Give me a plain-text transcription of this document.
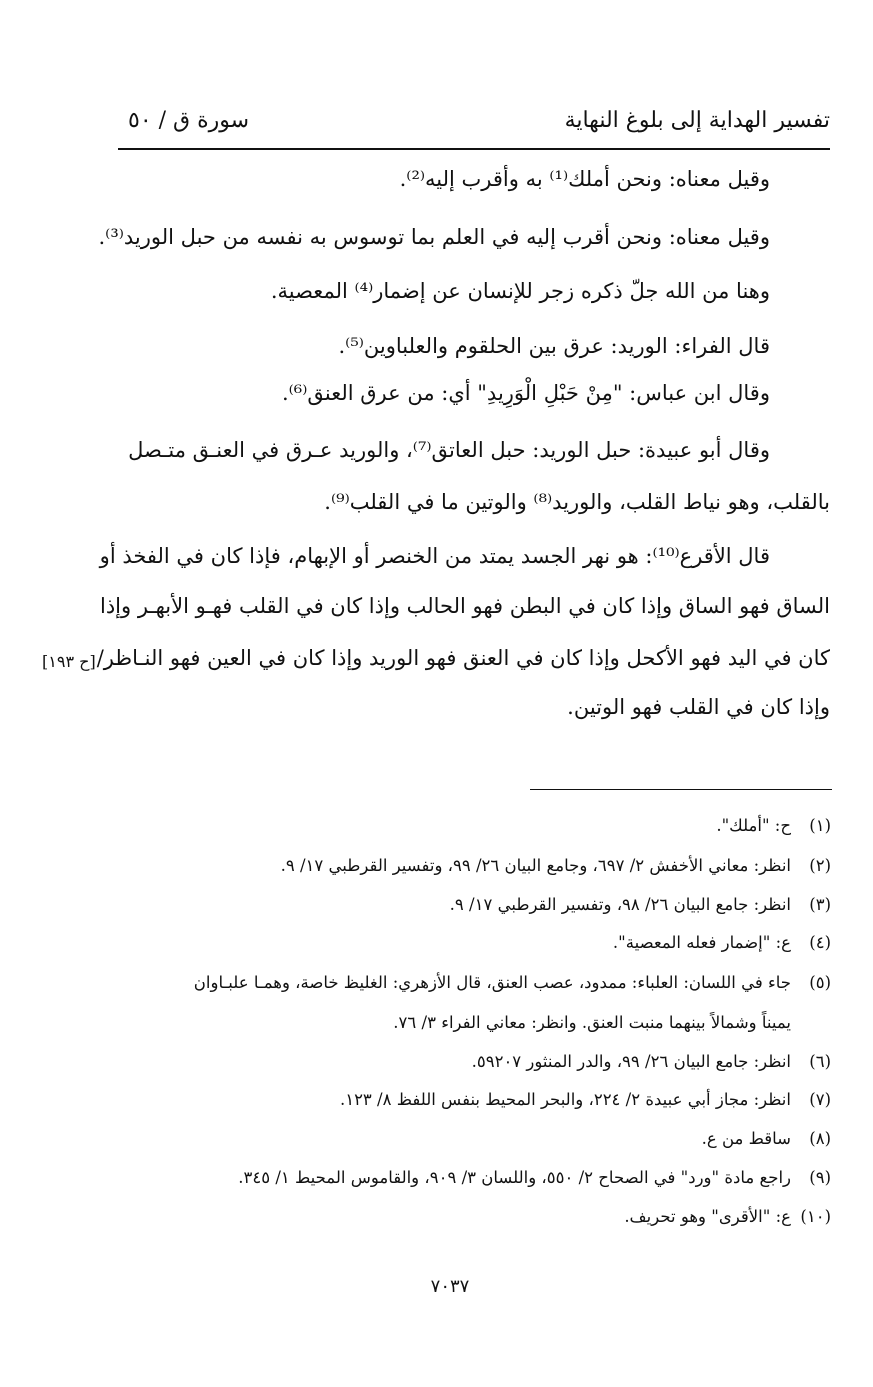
تفسير الهداية إلى بلوغ النهاية
سورة ق / ٥٠
وقيل معناه: ونحن أملك⁽¹⁾ به وأقرب إليه⁽²⁾.
وقيل معناه: ونحن أقرب إليه في العلم بما توسوس به نفسه من حبل الوريد⁽³⁾.
وهنا من الله جلّ ذكره زجر للإنسان عن إضمار⁽⁴⁾ المعصية.
قال الفراء: الوريد: عرق بين الحلقوم والعلباوين⁽⁵⁾.
وقال ابن عباس: "مِنْ حَبْلِ الْوَرِيدِ" أي: من عرق العنق⁽⁶⁾.
وقال أبو عبيدة: حبل الوريد: حبل العاتق⁽⁷⁾، والوريد عـرق في العنـق متـصل
بالقلب، وهو نياط القلب، والوريد⁽⁸⁾ والوتين ما في القلب⁽⁹⁾.
قال الأقرع⁽¹⁰⁾: هو نهر الجسد يمتد من الخنصر أو الإبهام، فإذا كان في الفخذ أو
الساق فهو الساق وإذا كان في البطن فهو الحالب وإذا كان في القلب فهـو الأبهـر وإذا
كان في اليد فهو الأكحل وإذا كان في العنق فهو الوريد وإذا كان في العين فهو النـاظر/
وإذا كان في القلب فهو الوتين.
[ح ١٩٣]
(١)ح: "أملك".
(٢)انظر: معاني الأخفش ٢/ ٦٩٧، وجامع البيان ٢٦/ ٩٩، وتفسير القرطبي ١٧/ ٩.
(٣)انظر: جامع البيان ٢٦/ ٩٨، وتفسير القرطبي ١٧/ ٩.
(٤)ع: "إضمار فعله المعصية".
(٥)جاء في اللسان: العلباء: ممدود، عصب العنق، قال الأزهري: الغليظ خاصة، وهمـا علبـاوان
يميناً وشمالاً بينهما منبت العنق. وانظر: معاني الفراء ٣/ ٧٦.
(٦)انظر: جامع البيان ٢٦/ ٩٩، والدر المنثور ٥٩٢٠٧.
(٧)انظر: مجاز أبي عبيدة ٢/ ٢٢٤، والبحر المحيط بنفس اللفظ ٨/ ١٢٣.
(٨)ساقط من ع.
(٩)راجع مادة "ورد" في الصحاح ٢/ ٥٥٠، واللسان ٣/ ٩٠٩، والقاموس المحيط ١/ ٣٤٥.
(١٠)ع: "الأقرى" وهو تحريف.
٧٠٣٧
